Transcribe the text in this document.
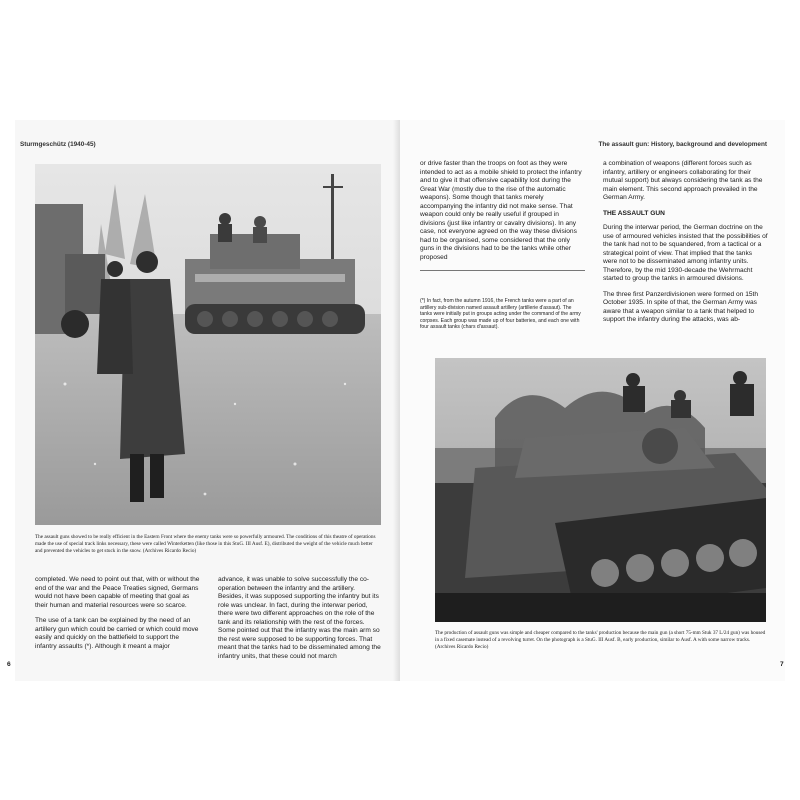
Sturmgeschütz (1940-45)
The assault guns showed to be really efficient in the Eastern Front where the enemy tanks were so powerfully armoured. The conditions of this theatre of operations made the use of special track links necessary, these were called Winterketten (like those in this StuG. III Ausf. E), distributed the weight of the vehicle much better and prevented the vehicles to get stuck in the snow. (Archives Ricardo Recio)

completed. We need to point out that, with or without the end of the war and the Peace Treaties signed, Germans would not have been capable of meeting that goal as their human and material resources were so scarce.

The use of a tank can be explained by the need of an artillery gun which could be carried or which could move easily and quickly on the battlefield to support the infantry assaults (*). Although it meant a major

advance, it was unable to solve successfully the co-operation between the infantry and the artillery. Besides, it was supposed supporting the infantry but its role was unclear. In fact, during the interwar period, there were two different approaches on the role of the tank and its relationship with the rest of the forces. Some pointed out that the infantry was the main arm so the rest were supposed to be supporting forces. That meant that the tanks had to be disseminated among the infantry units, that these could not march

6
The assault gun: History, background and development

or drive faster than the troops on foot as they were intended to act as a mobile shield to protect the infantry and to give it that offensive capability lost during the Great War (mostly due to the rise of the automatic weapons). Some though that tanks merely accompanying the infantry did not make sense. That weapon could only be really useful if grouped in divisions (just like infantry or cavalry divisions). In any case, not everyone agreed on the way these divisions had to be organised, some considered that the only guns in the divisions had to be the tanks while other proposed

(*) In fact, from the autumn 1916, the French tanks were a part of an artillery sub-division named assault artillery (artillerie d'assaut). The tanks were initially put in groups acting under the command of the army corpses. Each group was made up of four batteries, and each one with four assault tanks (chars d'assaut).

a combination of weapons (different forces such as infantry, artillery or engineers collaborating for their mutual support) but always considering the tank as the main element. This second approach prevailed in the German Army.

THE ASSAULT GUN

During the interwar period, the German doctrine on the use of armoured vehicles insisted that the possibilities of the tank had not to be squandered, from a tactical or a strategical point of view. That implied that the tanks were not to be disseminated among infantry units. Therefore, by the mid 1930-decade the Wehrmacht started to group the tanks in armoured divisions.

The three first Panzerdivisionen were formed on 15th October 1935. In spite of that, the German Army was aware that a weapon similar to a tank that helped to support the infantry during the attacks, was ab-

The production of assault guns was simple and cheaper compared to the tanks' production because the main gun (a short 75-mm Stuk 37 L/24 gun) was housed in a fixed casemate instead of a revolving turret. On the photograph is a StuG. III Ausf. B, early production, similar to Ausf. A with some narrow tracks. (Archives Ricardo Recio)
7
